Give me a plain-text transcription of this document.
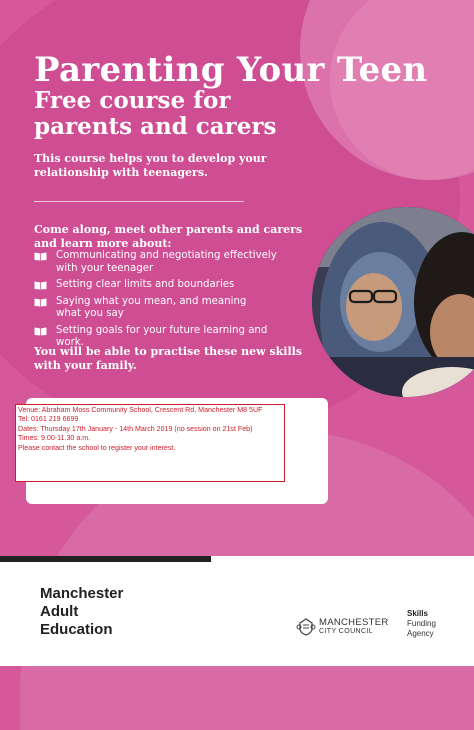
Parenting Your Teen
Free course for
parents and carers
This course helps you to develop your
relationship with teenagers.
Come along, meet other parents and carers
and learn more about:
Communicating and negotiating effectively
with your teenager
Setting clear limits and boundaries
Saying what you mean, and meaning
what you say
Setting goals for your future learning and work.
You will be able to practise these new skills
with your family.
Venue: Abraham Moss Community School, Crescent Rd, Manchester M8 5UF
Tel: 0161 219 6699
Dates: Thursday 17th January - 14th March 2019 (no session on 21st Feb)
Times: 9.00-11.30 a.m.
Please contact the school to register your interest.
Manchester
Adult
Education	MANCHESTER
CITY COUNCIL
Skills
Funding
Agency
